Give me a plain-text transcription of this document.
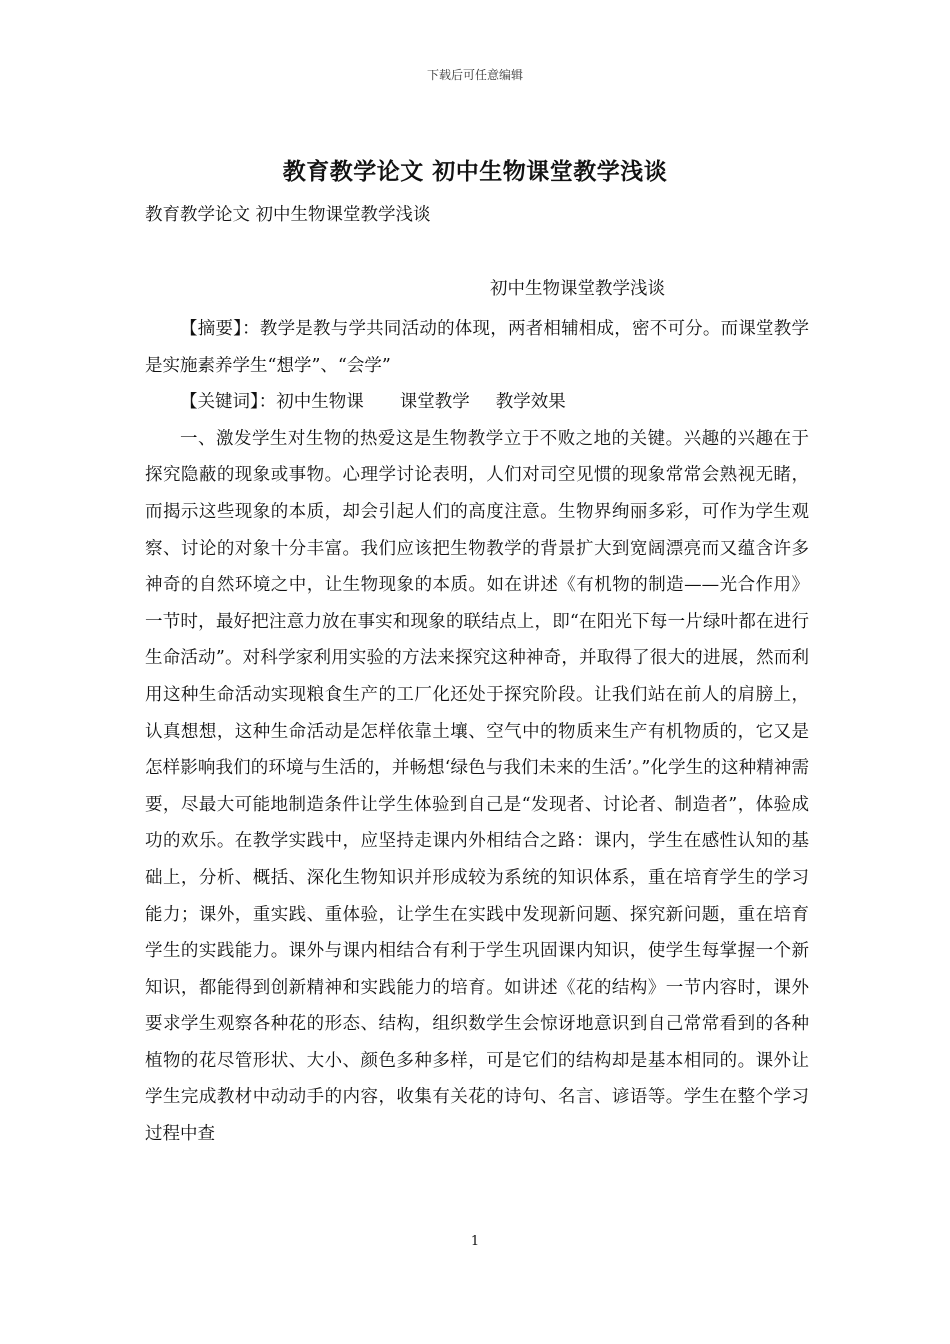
下载后可任意编辑
教育教学论文 初中生物课堂教学浅谈
教育教学论文 初中生物课堂教学浅谈
初中生物课堂教学浅谈

【摘要】：教学是教与学共同活动的体现，两者相辅相成，密不可分。而课堂教学是实施素养学生“想学”、“会学”

【关键词】：初中生物课 课堂教学 教学效果

一、激发学生对生物的热爱这是生物教学立于不败之地的关键。兴趣的兴趣在于探究隐蔽的现象或事物。心理学讨论表明，人们对司空见惯的现象常常会熟视无睹，而揭示这些现象的本质，却会引起人们的高度注意。生物界绚丽多彩，可作为学生观察、讨论的对象十分丰富。我们应该把生物教学的背景扩大到宽阔漂亮而又蕴含许多神奇的自然环境之中，让生物现象的本质。如在讲述《有机物的制造——光合作用》一节时，最好把注意力放在事实和现象的联结点上，即“在阳光下每一片绿叶都在进行生命活动”。对科学家利用实验的方法来探究这种神奇，并取得了很大的进展，然而利用这种生命活动实现粮食生产的工厂化还处于探究阶段。让我们站在前人的肩膀上，认真想想，这种生命活动是怎样依靠土壤、空气中的物质来生产有机物质的，它又是怎样影响我们的环境与生活的，并畅想‘绿色与我们未来的生活’。”化学生的这种精神需要，尽最大可能地制造条件让学生体验到自己是“发现者、讨论者、制造者”，体验成功的欢乐。在教学实践中，应坚持走课内外相结合之路：课内，学生在感性认知的基础上，分析、概括、深化生物知识并形成较为系统的知识体系，重在培育学生的学习能力；课外，重实践、重体验，让学生在实践中发现新问题、探究新问题，重在培育学生的实践能力。课外与课内相结合有利于学生巩固课内知识，使学生每掌握一个新知识，都能得到创新精神和实践能力的培育。如讲述《花的结构》一节内容时，课外要求学生观察各种花的形态、结构，组织数学生会惊讶地意识到自己常常看到的各种植物的花尽管形状、大小、颜色多种多样，可是它们的结构却是基本相同的。课外让学生完成教材中动动手的内容，收集有关花的诗句、名言、谚语等。学生在整个学习过程中查

1
